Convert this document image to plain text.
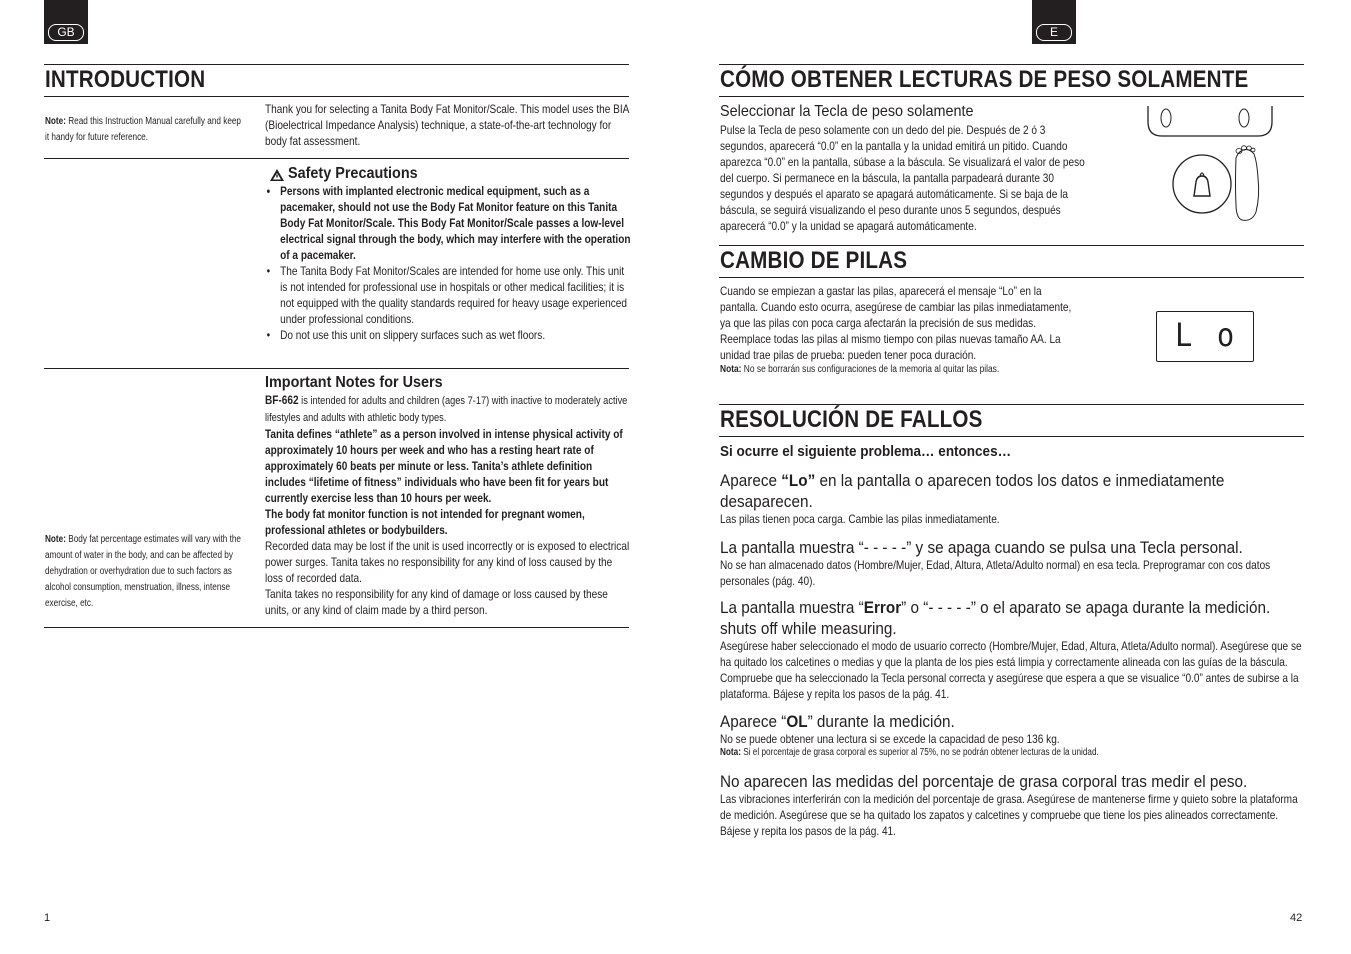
GB
INTRODUCTION
Note: Read this Instruction Manual carefully and keep it handy for future reference.
Thank you for selecting a Tanita Body Fat Monitor/Scale. This model uses the BIA (Bioelectrical Impedance Analysis) technique, a state-of-the-art technology for body fat assessment.
Safety Precautions
• Persons with implanted electronic medical equipment, such as a pacemaker, should not use the Body Fat Monitor feature on this Tanita Body Fat Monitor/Scale. This Body Fat Monitor/Scale passes a low-level electrical signal through the body, which may interfere with the operation of a pacemaker.
• The Tanita Body Fat Monitor/Scales are intended for home use only. This unit is not intended for professional use in hospitals or other medical facilities; it is not equipped with the quality standards required for heavy usage experienced under professional conditions.
• Do not use this unit on slippery surfaces such as wet floors.
Important Notes for Users

BF-662 is intended for adults and children (ages 7-17) with inactive to moderately active lifestyles and adults with athletic body types.

Tanita defines “athlete” as a person involved in intense physical activity of approximately 10 hours per week and who has a resting heart rate of approximately 60 beats per minute or less. Tanita’s athlete definition includes “lifetime of fitness” individuals who have been fit for years but currently exercise less than 10 hours per week.

The body fat monitor function is not intended for pregnant women, professional athletes or bodybuilders.

Recorded data may be lost if the unit is used incorrectly or is exposed to electrical power surges. Tanita takes no responsibility for any kind of loss caused by the loss of recorded data.

Tanita takes no responsibility for any kind of damage or loss caused by these units, or any kind of claim made by a third person.

Note: Body fat percentage estimates will vary with the amount of water in the body, and can be affected by dehydration or overhydration due to such factors as alcohol consumption, menstruation, illness, intense exercise, etc.
1
E
CÓMO OBTENER LECTURAS DE PESO SOLAMENTE
Seleccionar la Tecla de peso solamente
Pulse la Tecla de peso solamente con un dedo del pie. Después de 2 ó 3 segundos, aparecerá “0.0” en la pantalla y la unidad emitirá un pitido. Cuando aparezca “0.0” en la pantalla, súbase a la báscula. Se visualizará el valor de peso del cuerpo. Si permanece en la báscula, la pantalla parpadeará durante 30 segundos y después el aparato se apagará automáticamente. Si se baja de la báscula, se seguirá visualizando el peso durante unos 5 segundos, después aparecerá “0.0” y la unidad se apagará automáticamente.
CAMBIO DE PILAS

Cuando se empiezan a gastar las pilas, aparecerá el mensaje “Lo” en la pantalla. Cuando esto ocurra, asegúrese de cambiar las pilas inmediatamente, ya que las pilas con poca carga afectarán la precisión de sus medidas. Reemplace todas las pilas al mismo tiempo con pilas nuevas tamaño AA. La unidad trae pilas de prueba: pueden tener poca duración.

Nota: No se borrarán sus configuraciones de la memoria al quitar las pilas.

L o
RESOLUCIÓN DE FALLOS
Si ocurre el siguiente problema… entonces…
Aparece “Lo” en la pantalla o aparecen todos los datos e inmediatamente desaparecen.
Las pilas tienen poca carga. Cambie las pilas inmediatamente.
La pantalla muestra “- - - - -” y se apaga cuando se pulsa una Tecla personal.
No se han almacenado datos (Hombre/Mujer, Edad, Altura, Atleta/Adulto normal) en esa tecla. Preprogramar con cos datos personales (pág. 40).
La pantalla muestra “Error” o “- - - - -” o el aparato se apaga durante la medición. shuts off while measuring.
Asegúrese haber seleccionado el modo de usuario correcto (Hombre/Mujer, Edad, Altura, Atleta/Adulto normal). Asegúrese que se ha quitado los calcetines o medias y que la planta de los pies está limpia y correctamente alineada con las guías de la báscula. Compruebe que ha seleccionado la Tecla personal correcta y asegúrese que espera a que se visualice “0.0” antes de subirse a la plataforma. Bájese y repita los pasos de la pág. 41.
Aparece “OL” durante la medición.
No se puede obtener una lectura si se excede la capacidad de peso 136 kg.
Nota: Si el porcentaje de grasa corporal es superior al 75%, no se podrán obtener lecturas de la unidad.
No aparecen las medidas del porcentaje de grasa corporal tras medir el peso.
Las vibraciones interferirán con la medición del porcentaje de grasa. Asegúrese de mantenerse firme y quieto sobre la plataforma de medición. Asegúrese que se ha quitado los zapatos y calcetines y compruebe que tiene los pies alineados correctamente. Bájese y repita los pasos de la pág. 41.
42
